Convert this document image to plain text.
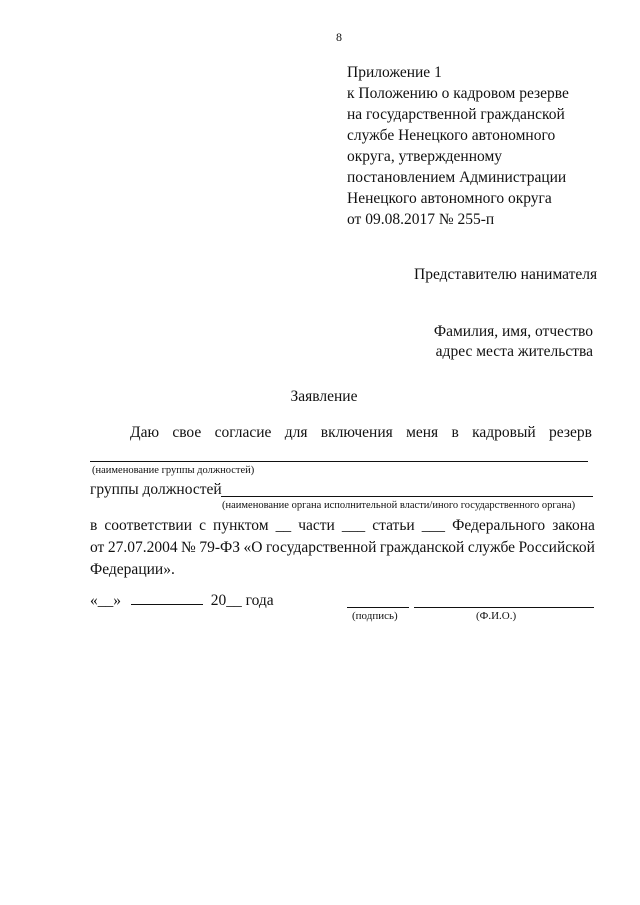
8
Приложение 1
к Положению о кадровом резерве
на государственной гражданской
службе Ненецкого автономного
округа, утвержденному
постановлением Администрации
Ненецкого автономного округа
от 09.08.2017 № 255-п
Представителю нанимателя
Фамилия, имя, отчество
адрес места жительства
Заявление
Даю свое согласие для включения меня в кадровый резерв
(наименование группы должностей)
группы должностей
(наименование органа исполнительной власти/иного государственного органа)
в соответствии с пунктом __ части ___ статьи ___ Федерального закона
от 27.07.2004 № 79-ФЗ «О государственной гражданской службе Российской
Федерации».
«__»	20__ года
(подпись)	(Ф.И.О.)
